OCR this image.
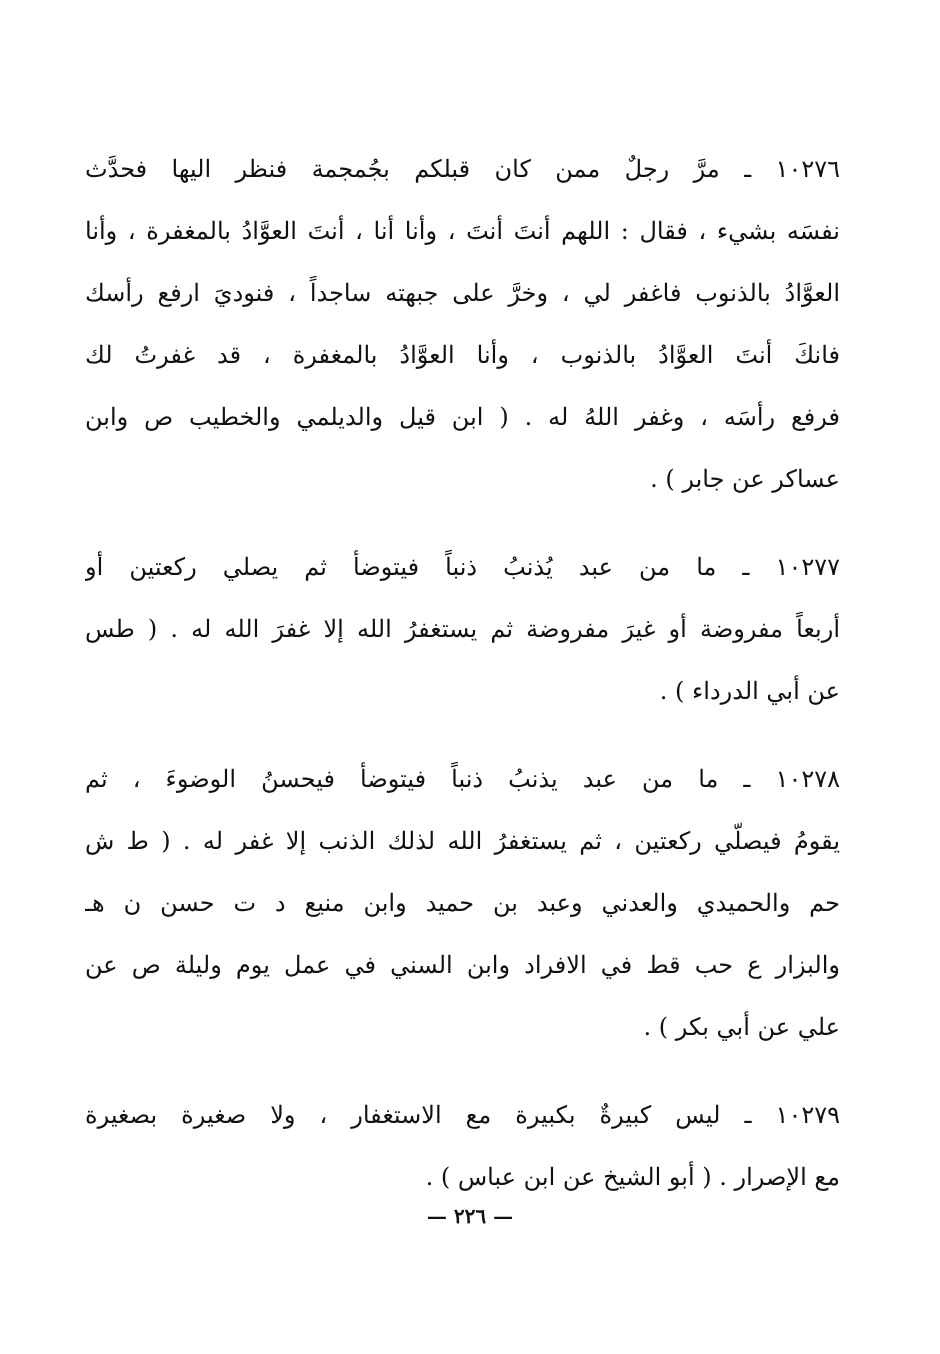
١٠٢٧٦ ـ مرَّ رجلٌ ممن كان قبلكم بجُمجمة فنظر اليها فحدَّث
نفسَه بشيء ، فقال : اللهم أنتَ أنتَ ، وأنا أنا ، أنتَ العوَّادُ بالمغفرة ، وأنا
العوَّادُ بالذنوب فاغفر لي ، وخرَّ على جبهته ساجداً ، فنوديَ ارفع رأسك
فانكَ أنتَ العوَّادُ بالذنوب ، وأنا العوَّادُ بالمغفرة ، قد غفرتُ لك
فرفع رأسَه ، وغفر اللهُ له . ( ابن قيل والديلمي والخطيب ص وابن
عساكر عن جابر ) .
١٠٢٧٧ ـ ما من عبد يُذنبُ ذنباً فيتوضأ ثم يصلي ركعتين أو
أربعاً مفروضة أو غيرَ مفروضة ثم يستغفرُ الله إلا غفرَ الله له . ( طس
عن أبي الدرداء ) .
١٠٢٧٨ ـ ما من عبد يذنبُ ذنباً فيتوضأ فيحسنُ الوضوءَ ، ثم
يقومُ فيصلّي ركعتين ، ثم يستغفرُ الله لذلك الذنب إلا غفر له . ( ط ش
حم والحميدي والعدني وعبد بن حميد وابن منيع د ت حسن ن هـ
والبزار ع حب قط في الافراد وابن السني في عمل يوم وليلة ص عن
علي عن أبي بكر ) .
١٠٢٧٩ ـ ليس كبيرةٌ بكبيرة مع الاستغفار ، ولا صغيرة بصغيرة
مع الإصرار . ( أبو الشيخ عن ابن عباس ) .
— ٢٢٦ —
